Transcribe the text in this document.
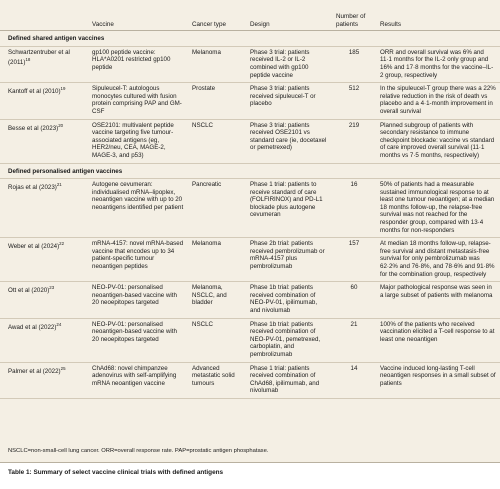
	Vaccine	Cancer type	Design	Number of patients	Results
Defined shared antigen vaccines					
Schwartzentruber et al $(2011)^{18}$	gp100 peptide vaccine: HLA*A0201 restricted gp100 peptide	Melanoma	Phase 3 trial: patients received IL-2 or IL-2 combined with gp100 peptide vaccine	185	ORR and overall survival was 6% and 11·1 months for the IL-2 only group and 16% and 17·8 months for the vaccine–IL-2 group, respectively
Kantoff et al $(2010)^{19}$	Sipuleucel-T: autologous monocytes cultured with fusion protein comprising PAP and GM-CSF	Prostate	Phase 3 trial: patients received sipuleucel-T or placebo	512	In the sipuleucel-T group there was a 22% relative reduction in the risk of death vs placebo and a 4·1-month improvement in overall survival
Besse et al $(2023)^{20}$	OSE2101: multivalent peptide vaccine targeting five tumour-associated antigens (eg, HER2/neu, CEA, MAGE-2, MAGE-3, and p53)	NSCLC	Phase 3 trial: patients received OSE2101 vs standard care (ie, docetaxel or pemetrexed)	219	Planned subgroup of patients with secondary resistance to immune checkpoint blockade: vaccine vs standard of care improved overall survival (11·1 months vs 7·5 months, respectively)
Defined personalised antigen vaccines					
Rojas et al $(2023)^{21}$	Autogene cevumeran: individualised mRNA–lipoplex, neoantigen vaccine with up to 20 neoantigens identified per patient	Pancreatic	Phase 1 trial: patients to receive standard of care (FOLFIRINOX) and PD-L1 blockade plus autogene cevumeran	16	50% of patients had a measurable sustained immunological response to at least one tumour neoantigen; at a median 18 months follow-up, the relapse-free survival was not reached for the responder group, compared with 13·4 months for non-responders
Weber et al $(2024)^{22}$	mRNA-4157: novel mRNA-based vaccine that encodes up to 34 patient-specific tumour neoantigen peptides	Melanoma	Phase 2b trial: patients received pembrolizumab or mRNA-4157 plus pembrolizumab	157	At median 18 months follow-up, relapse-free survival and distant metastasis-free survival for only pembrolizumab was 62·2% and 76·8%, and 78·6% and 91·8% for the combination group, respectively
Ott et al $(2020)^{23}$	NEO-PV-01: personalised neoantigen-based vaccine with 20 neoepitopes targeted	Melanoma, NSCLC, and bladder	Phase 1b trial: patients received combination of NEO-PV-01, ipilimumab, and nivolumab	60	Major pathological response was seen in a large subset of patients with melanoma
Awad et al $(2022)^{24}$	NEO-PV-01: personalised neoantigen-based vaccine with 20 neoepitopes targeted	NSCLC	Phase 1b trial: patients received combination of NEO-PV-01, pemetrexed, carboplatin, and pembrolizumab	21	100% of the patients who received vaccination elicited a T-cell response to at least one neoantigen
Palmer et al $(2022)^{25}$	ChAd68: novel chimpanzee adenovirus with self-amplifying mRNA neoantigen vaccine	Advanced metastatic solid tumours	Phase 1 trial: patients received combination of ChAd68, ipilimumab, and nivolumab	14	Vaccine induced long-lasting T-cell neoantigen responses in a small subset of patients
NSCLC=non-small-cell lung cancer. ORR=overall response rate. PAP=prostatic antigen phosphatase.
Table 1: Summary of select vaccine clinical trials with defined antigens
